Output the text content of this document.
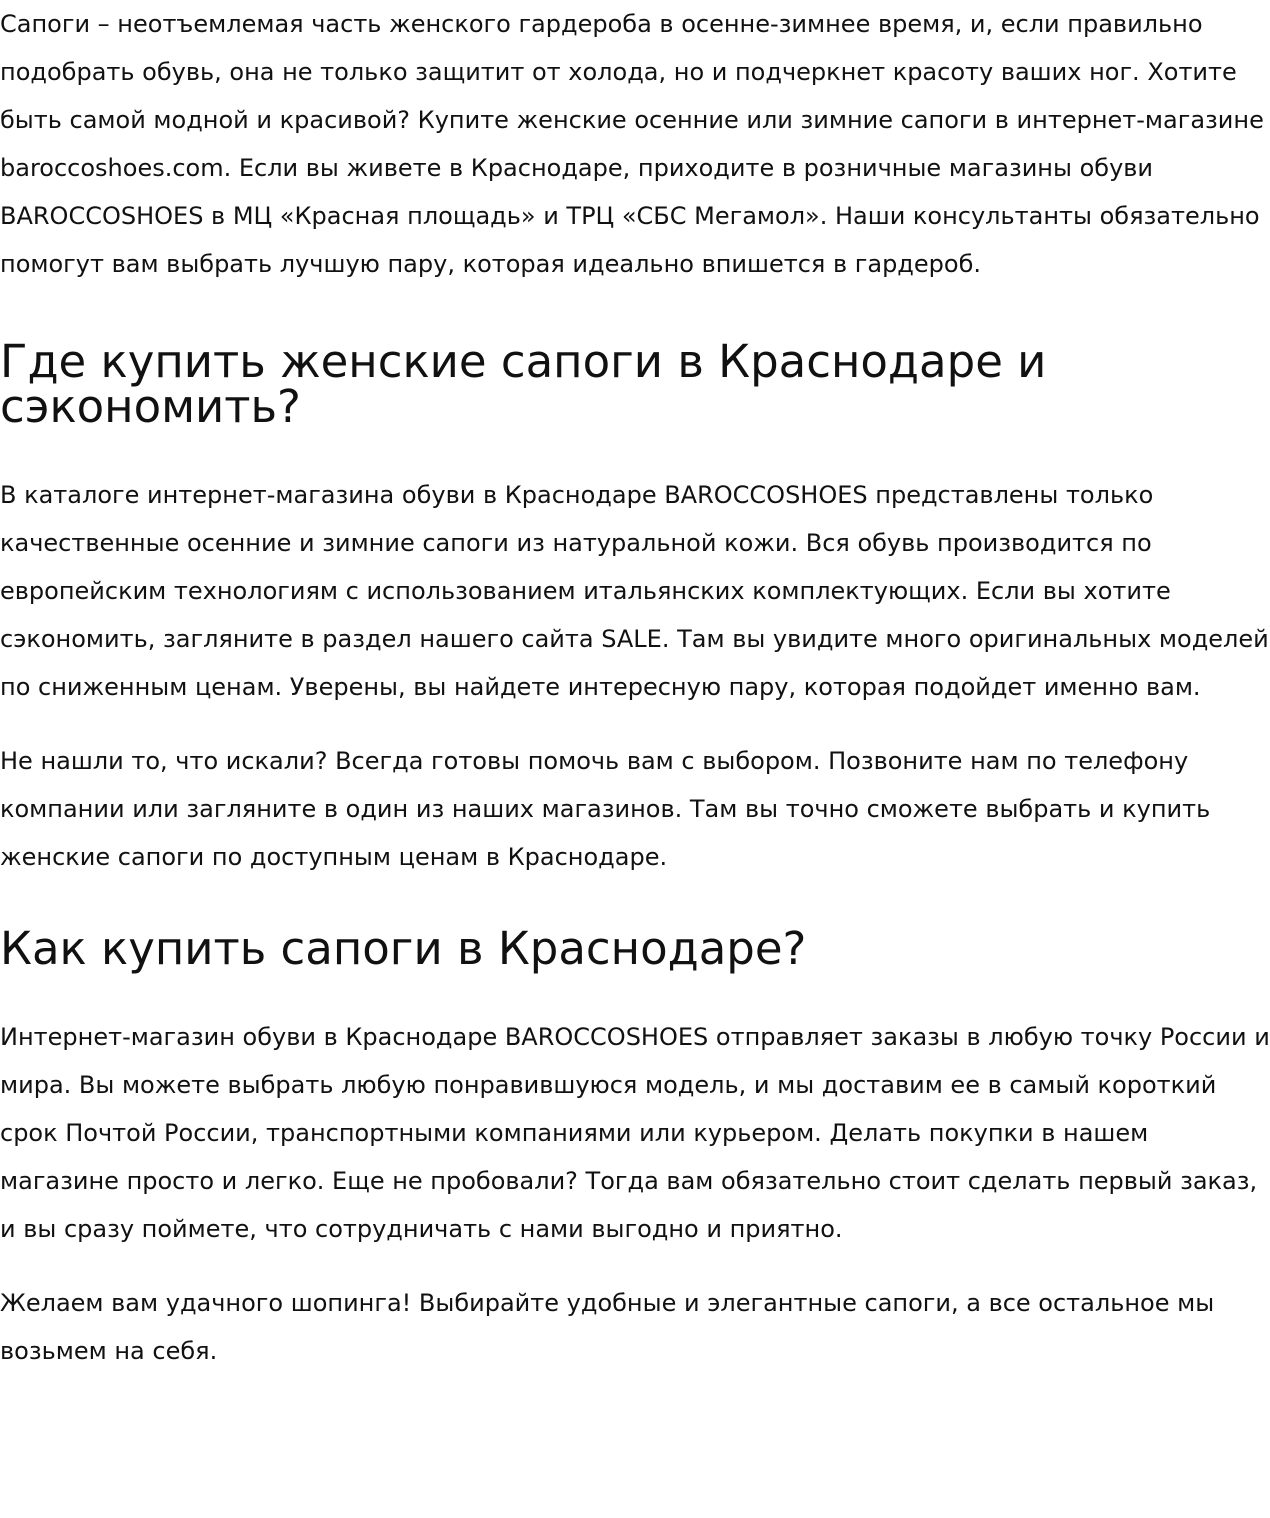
Сапоги – неотъемлемая часть женского гардероба в осенне-зимнее время, и, если правильно подобрать обувь, она не только защитит от холода, но и подчеркнет красоту ваших ног. Хотите быть самой модной и красивой? Купите женские осенние или зимние сапоги в интернет-магазине baroccoshoes.com. Если вы живете в Краснодаре, приходите в розничные магазины обуви BAROCCOSHOES в МЦ «Красная площадь» и ТРЦ «СБС Мегамол». Наши консультанты обязательно помогут вам выбрать лучшую пару, которая идеально впишется в гардероб.

Где купить женские сапоги в Краснодаре и сэкономить?

В каталоге интернет-магазина обуви в Краснодаре BAROCCOSHOES представлены только качественные осенние и зимние сапоги из натуральной кожи. Вся обувь производится по европейским технологиям с использованием итальянских комплектующих. Если вы хотите сэкономить, загляните в раздел нашего сайта SALE. Там вы увидите много оригинальных моделей по сниженным ценам. Уверены, вы найдете интересную пару, которая подойдет именно вам.

Не нашли то, что искали? Всегда готовы помочь вам с выбором. Позвоните нам по телефону компании или загляните в один из наших магазинов. Там вы точно сможете выбрать и купить женские сапоги по доступным ценам в Краснодаре.

Как купить сапоги в Краснодаре?

Интернет-магазин обуви в Краснодаре BAROCCOSHOES отправляет заказы в любую точку России и мира. Вы можете выбрать любую понравившуюся модель, и мы доставим ее в самый короткий срок Почтой России, транспортными компаниями или курьером. Делать покупки в нашем магазине просто и легко. Еще не пробовали? Тогда вам обязательно стоит сделать первый заказ, и вы сразу поймете, что сотрудничать с нами выгодно и приятно.

Желаем вам удачного шопинга! Выбирайте удобные и элегантные сапоги, а все остальное мы возьмем на себя.
